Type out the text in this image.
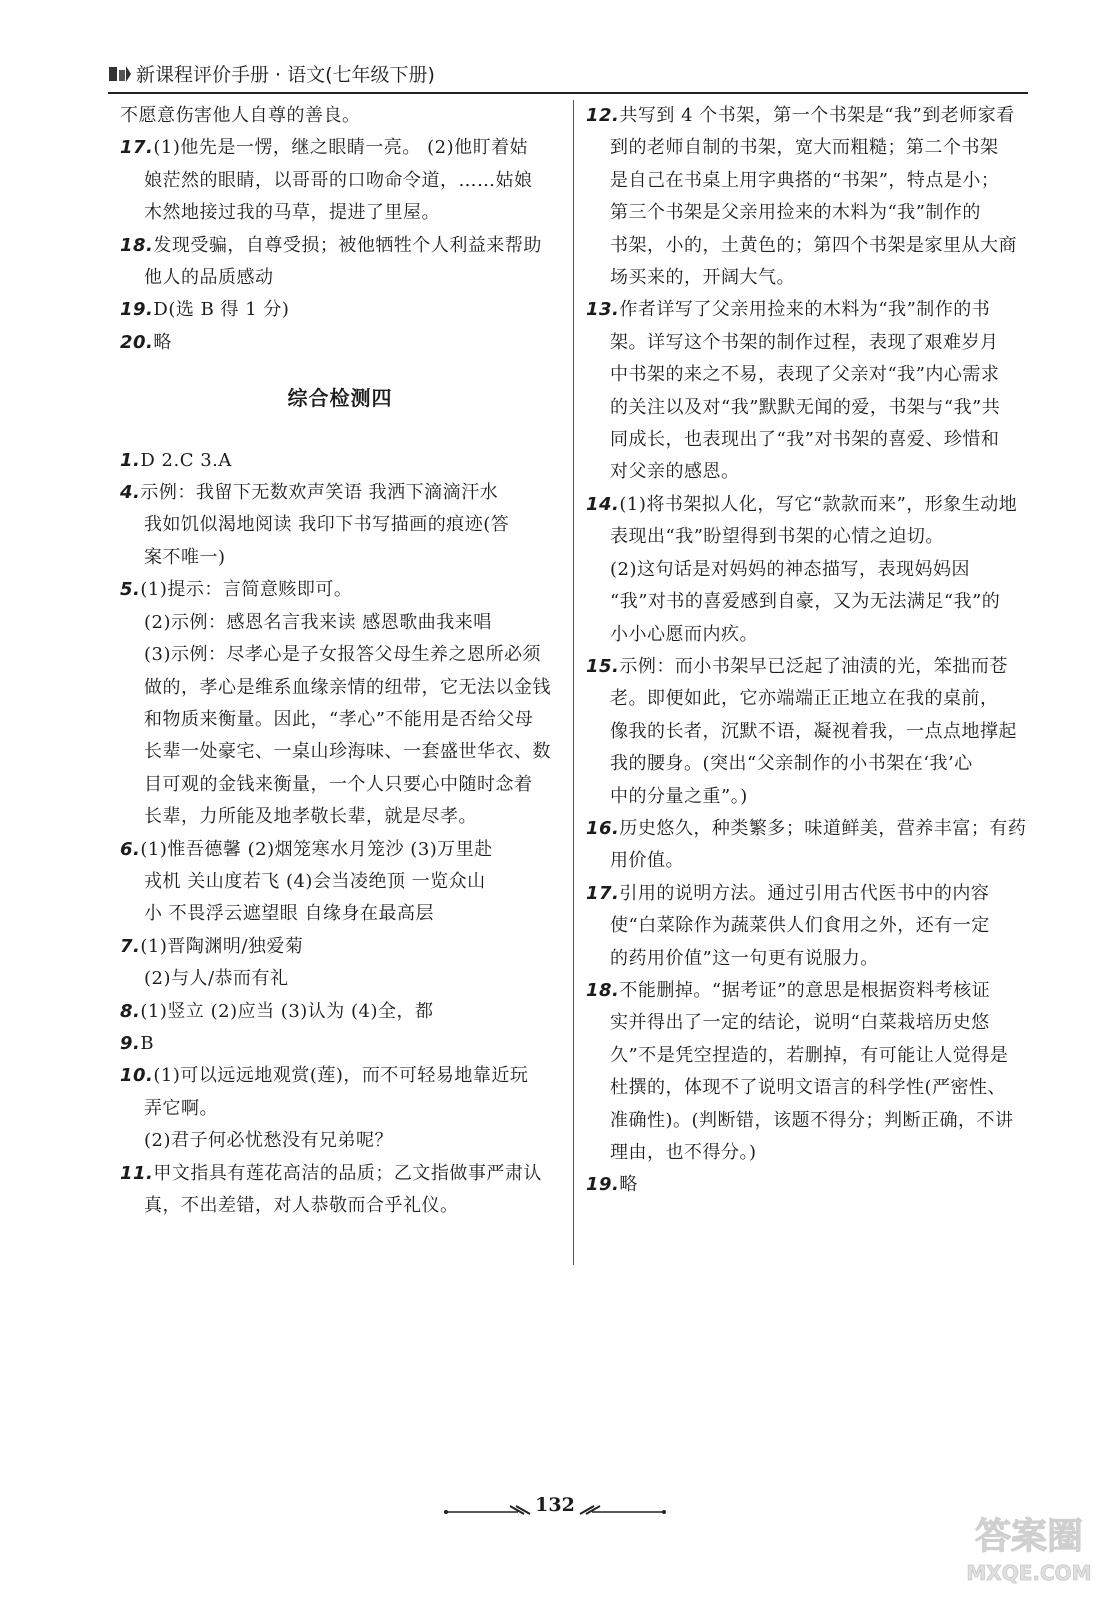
新课程评价手册 · 语文(七年级下册)
不愿意伤害他人自尊的善良。
17.(1)他先是一愣，继之眼睛一亮。 (2)他盯着姑
娘茫然的眼睛，以哥哥的口吻命令道，……姑娘
木然地接过我的马草，提进了里屋。
18.发现受骗，自尊受损；被他牺牲个人利益来帮助
他人的品质感动
19.D(选 B 得 1 分)
20.略
综合检测四
1.D 2.C 3.A
4.示例：我留下无数欢声笑语 我洒下滴滴汗水
我如饥似渴地阅读 我印下书写描画的痕迹(答
案不唯一)
5.(1)提示：言简意赅即可。
(2)示例：感恩名言我来读 感恩歌曲我来唱
(3)示例：尽孝心是子女报答父母生养之恩所必须
做的，孝心是维系血缘亲情的纽带，它无法以金钱
和物质来衡量。因此，“孝心”不能用是否给父母
长辈一处豪宅、一桌山珍海味、一套盛世华衣、数
目可观的金钱来衡量，一个人只要心中随时念着
长辈，力所能及地孝敬长辈，就是尽孝。
6.(1)惟吾德馨 (2)烟笼寒水月笼沙 (3)万里赴
戎机 关山度若飞 (4)会当凌绝顶 一览众山
小 不畏浮云遮望眼 自缘身在最高层
7.(1)晋陶渊明/独爱菊
(2)与人/恭而有礼
8.(1)竖立 (2)应当 (3)认为 (4)全，都
9.B
10.(1)可以远远地观赏(莲)，而不可轻易地靠近玩
弄它啊。
(2)君子何必忧愁没有兄弟呢？
11.甲文指具有莲花高洁的品质；乙文指做事严肃认
真，不出差错，对人恭敬而合乎礼仪。
12.共写到 4 个书架，第一个书架是“我”到老师家看
到的老师自制的书架，宽大而粗糙；第二个书架
是自己在书桌上用字典搭的“书架”，特点是小；
第三个书架是父亲用捡来的木料为“我”制作的
书架，小的，土黄色的；第四个书架是家里从大商
场买来的，开阔大气。
13.作者详写了父亲用捡来的木料为“我”制作的书
架。详写这个书架的制作过程，表现了艰难岁月
中书架的来之不易，表现了父亲对“我”内心需求
的关注以及对“我”默默无闻的爱，书架与“我”共
同成长，也表现出了“我”对书架的喜爱、珍惜和
对父亲的感恩。
14.(1)将书架拟人化，写它“款款而来”，形象生动地
表现出“我”盼望得到书架的心情之迫切。
(2)这句话是对妈妈的神态描写，表现妈妈因
“我”对书的喜爱感到自豪，又为无法满足“我”的
小小心愿而内疚。
15.示例：而小书架早已泛起了油渍的光，笨拙而苍
老。即便如此，它亦端端正正地立在我的桌前，
像我的长者，沉默不语，凝视着我，一点点地撑起
我的腰身。(突出“父亲制作的小书架在‘我’心
中的分量之重”。)
16.历史悠久，种类繁多；味道鲜美，营养丰富；有药
用价值。
17.引用的说明方法。通过引用古代医书中的内容
使“白菜除作为蔬菜供人们食用之外，还有一定
的药用价值”这一句更有说服力。
18.不能删掉。“据考证”的意思是根据资料考核证
实并得出了一定的结论，说明“白菜栽培历史悠
久”不是凭空捏造的，若删掉，有可能让人觉得是
杜撰的，体现不了说明文语言的科学性(严密性、
准确性)。(判断错，该题不得分；判断正确，不讲
理由，也不得分。)
19.略
132
答案圈
MXQE.COM
